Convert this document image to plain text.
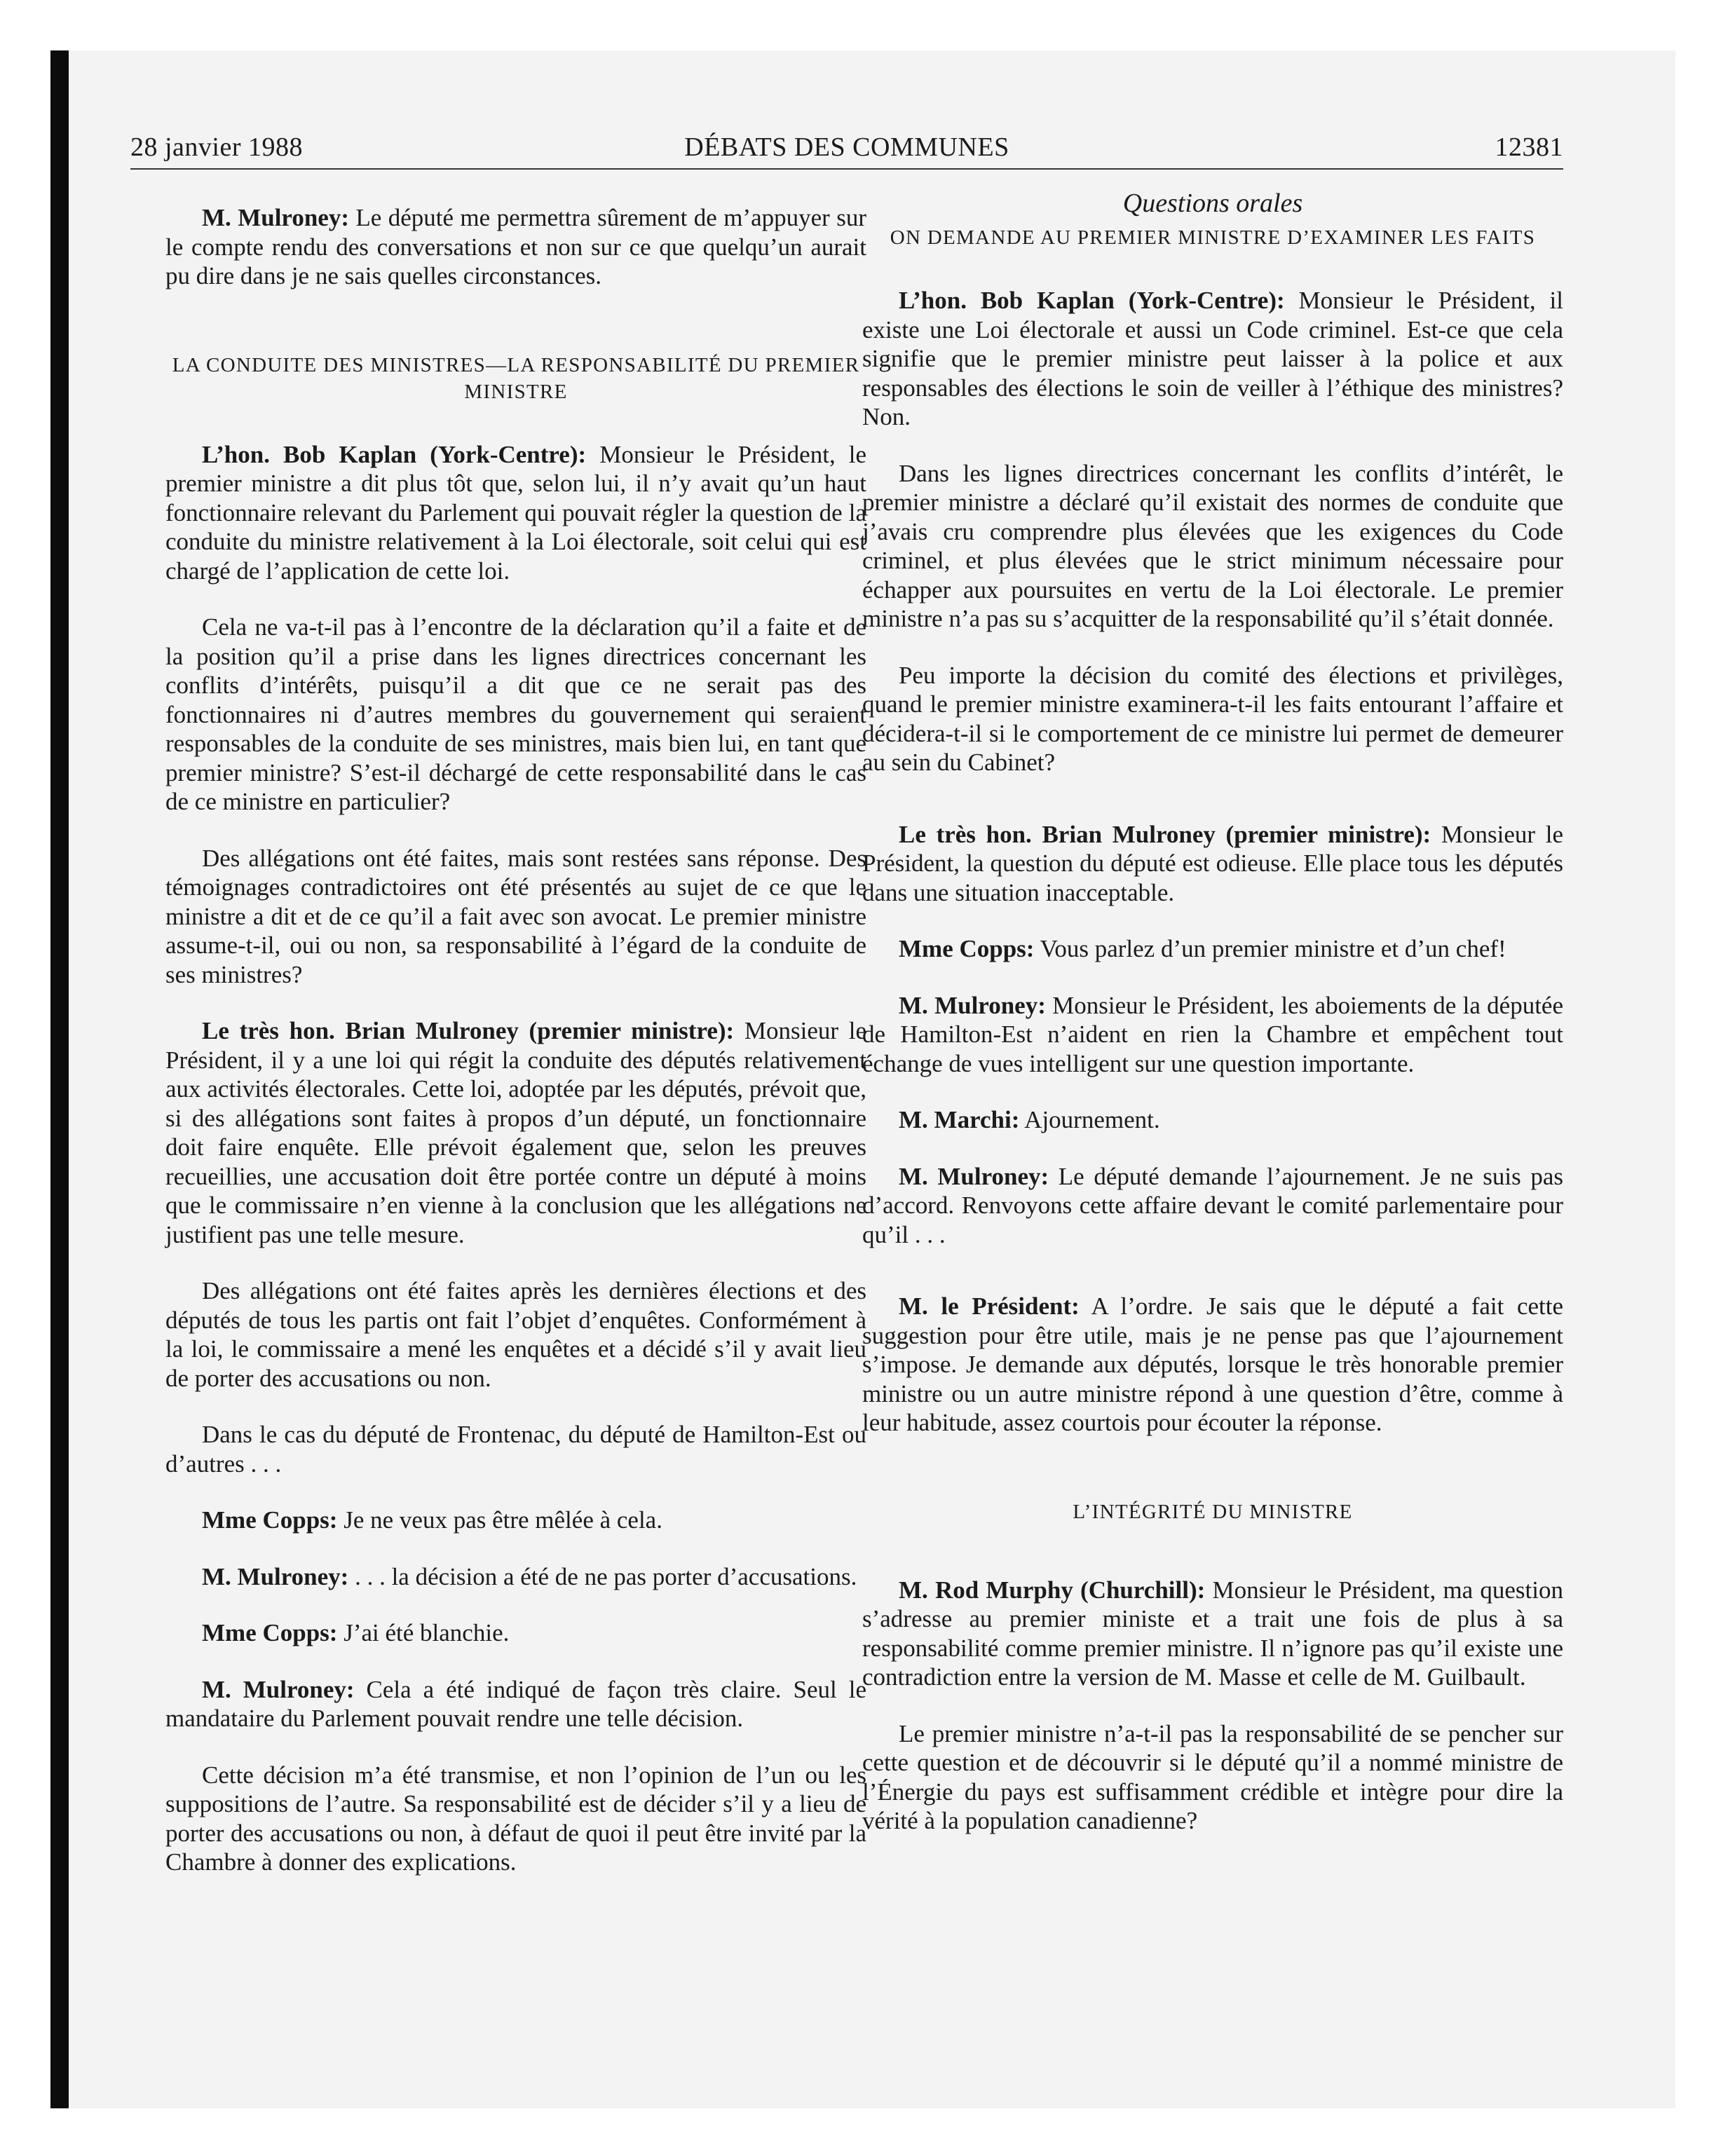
28 janvier 1988	DÉBATS DES COMMUNES	12381

M. Mulroney: Le député me permettra sûrement de m’appuyer sur le compte rendu des conversations et non sur ce que quelqu’un aurait pu dire dans je ne sais quelles circonstances.

LA CONDUITE DES MINISTRES—LA RESPONSABILITÉ DU PREMIER MINISTRE

L’hon. Bob Kaplan (York-Centre): Monsieur le Président, le premier ministre a dit plus tôt que, selon lui, il n’y avait qu’un haut fonctionnaire relevant du Parlement qui pouvait régler la question de la conduite du ministre relativement à la Loi électorale, soit celui qui est chargé de l’application de cette loi.

Cela ne va-t-il pas à l’encontre de la déclaration qu’il a faite et de la position qu’il a prise dans les lignes directrices concernant les conflits d’intérêts, puisqu’il a dit que ce ne serait pas des fonctionnaires ni d’autres membres du gouvernement qui seraient responsables de la conduite de ses ministres, mais bien lui, en tant que premier ministre? S’est-il déchargé de cette responsabilité dans le cas de ce ministre en particulier?

Des allégations ont été faites, mais sont restées sans réponse. Des témoignages contradictoires ont été présentés au sujet de ce que le ministre a dit et de ce qu’il a fait avec son avocat. Le premier ministre assume-t-il, oui ou non, sa responsabilité à l’égard de la conduite de ses ministres?

Le très hon. Brian Mulroney (premier ministre): Monsieur le Président, il y a une loi qui régit la conduite des députés relativement aux activités électorales. Cette loi, adoptée par les députés, prévoit que, si des allégations sont faites à propos d’un député, un fonctionnaire doit faire enquête. Elle prévoit également que, selon les preuves recueillies, une accusation doit être portée contre un député à moins que le commissaire n’en vienne à la conclusion que les allégations ne justifient pas une telle mesure.

Des allégations ont été faites après les dernières élections et des députés de tous les partis ont fait l’objet d’enquêtes. Conformément à la loi, le commissaire a mené les enquêtes et a décidé s’il y avait lieu de porter des accusations ou non.

Dans le cas du député de Frontenac, du député de Hamilton-Est ou d’autres . . .

Mme Copps: Je ne veux pas être mêlée à cela.

M. Mulroney: . . . la décision a été de ne pas porter d’accusations.

Mme Copps: J’ai été blanchie.

M. Mulroney: Cela a été indiqué de façon très claire. Seul le mandataire du Parlement pouvait rendre une telle décision.

Cette décision m’a été transmise, et non l’opinion de l’un ou les suppositions de l’autre. Sa responsabilité est de décider s’il y a lieu de porter des accusations ou non, à défaut de quoi il peut être invité par la Chambre à donner des explications.

Questions orales
ON DEMANDE AU PREMIER MINISTRE D’EXAMINER LES FAITS

L’hon. Bob Kaplan (York-Centre): Monsieur le Président, il existe une Loi électorale et aussi un Code criminel. Est-ce que cela signifie que le premier ministre peut laisser à la police et aux responsables des élections le soin de veiller à l’éthique des ministres? Non.

Dans les lignes directrices concernant les conflits d’intérêt, le premier ministre a déclaré qu’il existait des normes de conduite que j’avais cru comprendre plus élevées que les exigences du Code criminel, et plus élevées que le strict minimum nécessaire pour échapper aux poursuites en vertu de la Loi électorale. Le premier ministre n’a pas su s’acquitter de la responsabilité qu’il s’était donnée.

Peu importe la décision du comité des élections et privilèges, quand le premier ministre examinera-t-il les faits entourant l’affaire et décidera-t-il si le comportement de ce ministre lui permet de demeurer au sein du Cabinet?

Le très hon. Brian Mulroney (premier ministre): Monsieur le Président, la question du député est odieuse. Elle place tous les députés dans une situation inacceptable.

Mme Copps: Vous parlez d’un premier ministre et d’un chef!

M. Mulroney: Monsieur le Président, les aboiements de la députée de Hamilton-Est n’aident en rien la Chambre et empêchent tout échange de vues intelligent sur une question importante.

M. Marchi: Ajournement.

M. Mulroney: Le député demande l’ajournement. Je ne suis pas d’accord. Renvoyons cette affaire devant le comité parlementaire pour qu’il . . .

M. le Président: A l’ordre. Je sais que le député a fait cette suggestion pour être utile, mais je ne pense pas que l’ajournement s’impose. Je demande aux députés, lorsque le très honorable premier ministre ou un autre ministre répond à une question d’être, comme à leur habitude, assez courtois pour écouter la réponse.

L’INTÉGRITÉ DU MINISTRE

M. Rod Murphy (Churchill): Monsieur le Président, ma question s’adresse au premier ministe et a trait une fois de plus à sa responsabilité comme premier ministre. Il n’ignore pas qu’il existe une contradiction entre la version de M. Masse et celle de M. Guilbault.

Le premier ministre n’a-t-il pas la responsabilité de se pencher sur cette question et de découvrir si le député qu’il a nommé ministre de l’Énergie du pays est suffisamment crédible et intègre pour dire la vérité à la population canadienne?
